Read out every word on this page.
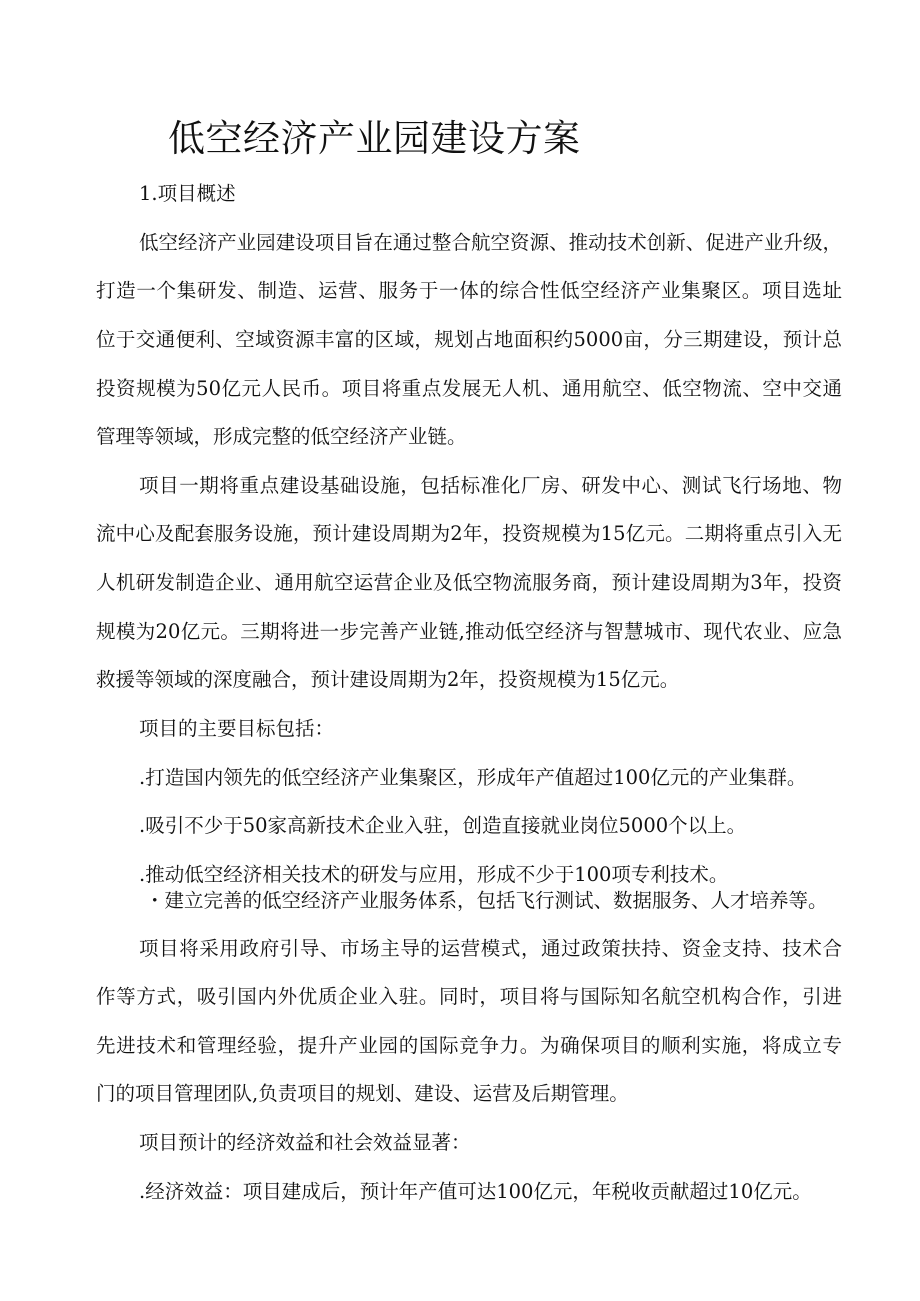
低空经济产业园建设方案

1.项目概述

低空经济产业园建设项目旨在通过整合航空资源、推动技术创新、促进产业升级，

打造一个集研发、制造、运营、服务于一体的综合性低空经济产业集聚区。项目选址

位于交通便利、空域资源丰富的区域，规划占地面积约5000亩，分三期建设，预计总

投资规模为50亿元人民币。项目将重点发展无人机、通用航空、低空物流、空中交通

管理等领域，形成完整的低空经济产业链。

项目一期将重点建设基础设施，包括标准化厂房、研发中心、测试飞行场地、物

流中心及配套服务设施，预计建设周期为2年，投资规模为15亿元。二期将重点引入无

人机研发制造企业、通用航空运营企业及低空物流服务商，预计建设周期为3年，投资

规模为20亿元。三期将进一步完善产业链,推动低空经济与智慧城市、现代农业、应急

救援等领域的深度融合，预计建设周期为2年，投资规模为15亿元。

项目的主要目标包括：

.打造国内领先的低空经济产业集聚区，形成年产值超过100亿元的产业集群。

.吸引不少于50家高新技术企业入驻，创造直接就业岗位5000个以上。

.推动低空经济相关技术的研发与应用，形成不少于100项专利技术。

・建立完善的低空经济产业服务体系，包括飞行测试、数据服务、人才培养等。

项目将采用政府引导、市场主导的运营模式，通过政策扶持、资金支持、技术合

作等方式，吸引国内外优质企业入驻。同时，项目将与国际知名航空机构合作，引进

先进技术和管理经验，提升产业园的国际竞争力。为确保项目的顺利实施，将成立专

门的项目管理团队,负责项目的规划、建设、运营及后期管理。

项目预计的经济效益和社会效益显著：

.经济效益：项目建成后，预计年产值可达100亿元，年税收贡献超过10亿元。
